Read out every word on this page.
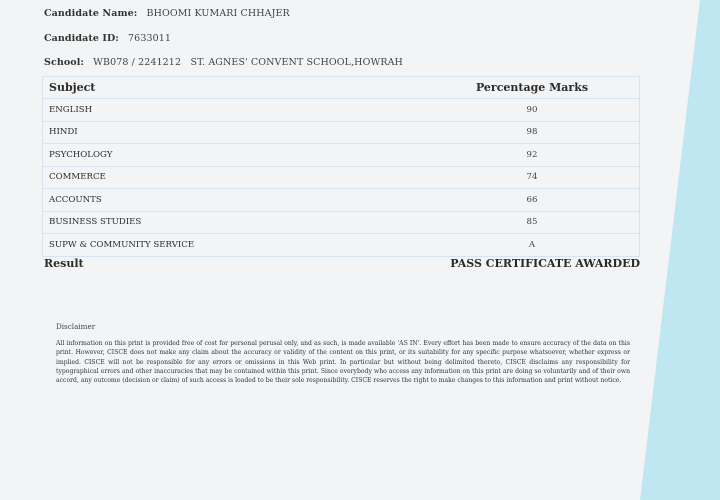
Candidate Name: BHOOMI KUMARI CHHAJER
Candidate ID: 7633011
School: WB078 / 2241212   ST. AGNES' CONVENT SCHOOL,HOWRAH
Subject	Percentage Marks
ENGLISH	90
HINDI	98
PSYCHOLOGY	92
COMMERCE	74
ACCOUNTS	66
BUSINESS STUDIES	85
SUPW & COMMUNITY SERVICE	A
Result	PASS CERTIFICATE AWARDED
Disclaimer
All information on this print is provided free of cost for personal perusal only, and as such, is made available 'AS IN'. Every effort has been made to ensure accuracy of the data on this print. However, CISCE does not make any claim about the accuracy or validity of the content on this print, or its suitability for any specific purpose whatsoever, whether express or implied. CISCE will not be responsible for any errors or omissions in this Web print. In particular but without being delimited thereto, CISCE disclaims any responsibility for typographical errors and other inaccuracies that may be contained within this print. Since everybody who access any information on this print are doing so voluntarily and of their own accord, any outcome (decision or claim) of such access is loaded to be their sole responsibility. CISCE reserves the right to make changes to this information and print without notice.
